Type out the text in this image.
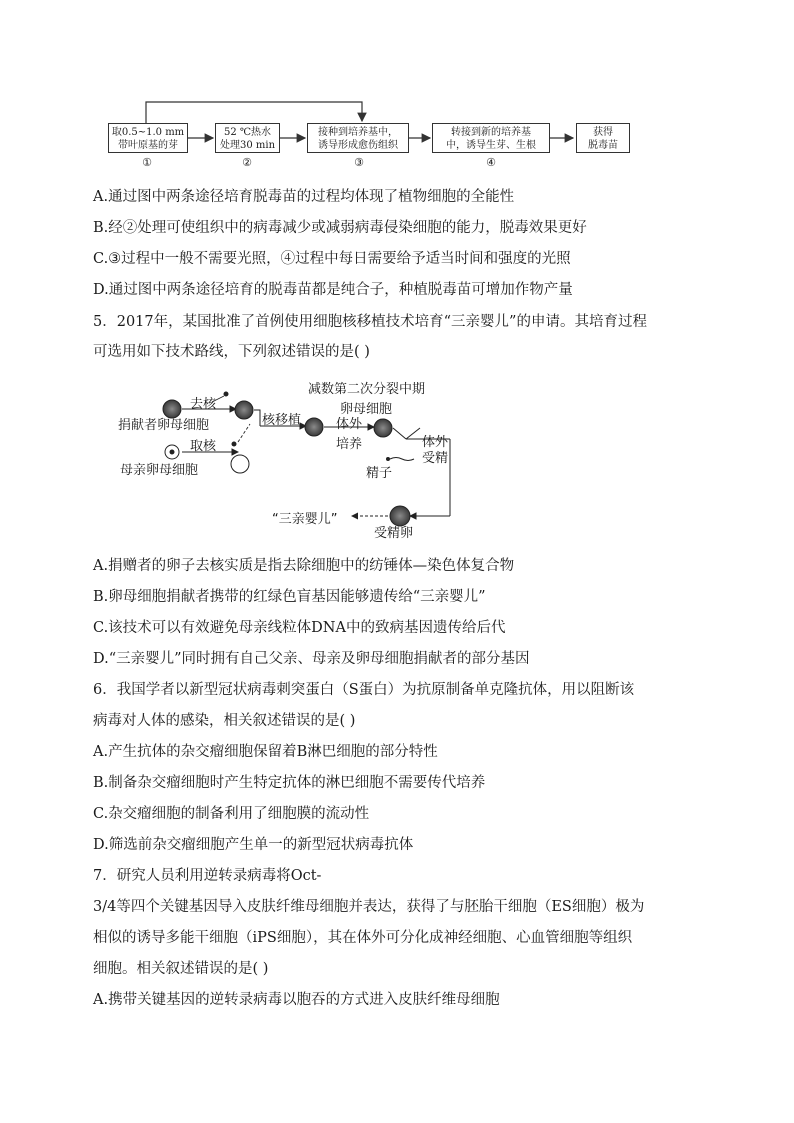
取0.5~1.0 mm
带叶原基的芽
52 ℃热水
处理30 min
接种到培养基中，
诱导形成愈伤组织
转接到新的培养基
中，诱导生芽、生根
获得
脱毒苗
①	②	③	④
A.通过图中两条途径培育脱毒苗的过程均体现了植物细胞的全能性
B.经②处理可使组织中的病毒减少或减弱病毒侵染细胞的能力，脱毒效果更好
C.③过程中一般不需要光照，④过程中每日需要给予适当时间和强度的光照
D.通过图中两条途径培育的脱毒苗都是纯合子，种植脱毒苗可增加作物产量
5．2017年，某国批准了首例使用细胞核移植技术培育“三亲婴儿”的申请。其培育过程
可选用如下技术路线，下列叙述错误的是( )
捐献者卵母细胞
母亲卵母细胞
去核
取核
核移植
减数第二次分裂中期
卵母细胞
体外
培养	体外
受精
精子
“三亲婴儿”
受精卵
A.捐赠者的卵子去核实质是指去除细胞中的纺锤体—染色体复合物
B.卵母细胞捐献者携带的红绿色盲基因能够遗传给“三亲婴儿”
C.该技术可以有效避免母亲线粒体DNA中的致病基因遗传给后代
D.“三亲婴儿”同时拥有自己父亲、母亲及卵母细胞捐献者的部分基因
6．我国学者以新型冠状病毒刺突蛋白（S蛋白）为抗原制备单克隆抗体，用以阻断该
病毒对人体的感染，相关叙述错误的是( )
A.产生抗体的杂交瘤细胞保留着B淋巴细胞的部分特性
B.制备杂交瘤细胞时产生特定抗体的淋巴细胞不需要传代培养
C.杂交瘤细胞的制备利用了细胞膜的流动性
D.筛选前杂交瘤细胞产生单一的新型冠状病毒抗体
7．研究人员利用逆转录病毒将Oct-
3/4等四个关键基因导入皮肤纤维母细胞并表达，获得了与胚胎干细胞（ES细胞）极为
相似的诱导多能干细胞（iPS细胞），其在体外可分化成神经细胞、心血管细胞等组织
细胞。相关叙述错误的是( )
A.携带关键基因的逆转录病毒以胞吞的方式进入皮肤纤维母细胞
